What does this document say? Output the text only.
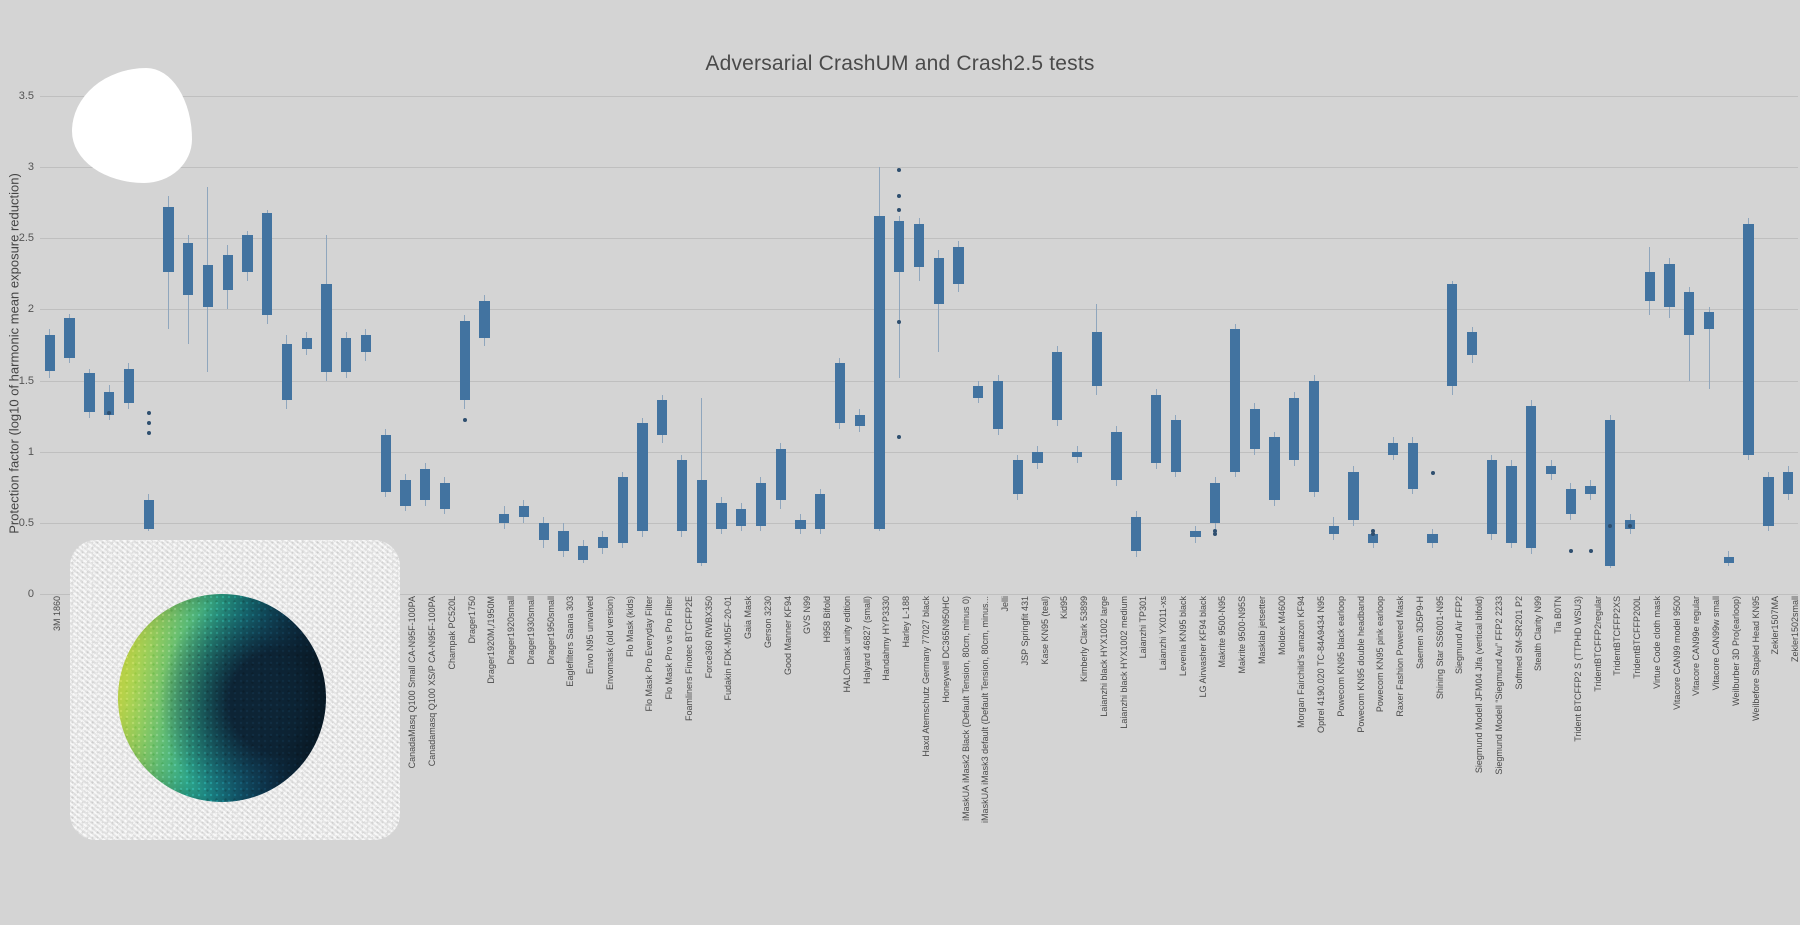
Adversarial CrashUM and Crash2.5 tests
Protection factor (log10 of harmonic mean exposure reduction)
0
0.5
1
1.5
2
2.5
3
3.5
3M 1860	CanadaMasq Q100 Small CA-N95F-100PA Canadamasq Q100 XS/P CA-N95F-100PA Champak PC520L Drager1750 Drager1920M,/1950M Drager1920small Drager1930small Drager1950small Eaglefilters Saana 303 Envo N95 unvalved Envomask (old version) Flo Mask (kids) Flo Mask Pro Everyday Filter Flo Mask Pro vs Pro Filter Foamliners Finotec BTCFFP2E Force360 RWBX350 Fudakin FDK-M05F-20-01 Gaia Mask Gerson 3230 Good Manner KF94 GVS N99 H958 Bifold HALOmask unity edition Halyard 46827 (small) Handahmy HYP3330 Harley L-188 Haxd Atemschutz Germany 77027 black Honeywell DC365N950HC iMaskUA iMask2 Black (Default Tension, 80cm, minus 0) iMaskUA iMask3 default (Default Tension, 80cm, minus... Jelli JSP Springfit 431 Kase KN95 (teal) Kid95 Kimberly Clark 53899 Laianzhi black HYX1002 large Laianzhi black HYX1002 medium Laianzhi TP301 Laianzhi YX011-xs Levenia KN95 black LG Airwasher KF94 black Makrite 9500-N95 Makrite 9500-N95S Masklab jetsetter Moldex M4600 Morgan Fairchild’s amazon KF94 Optrel 4190.020 TC-84A9434 N95 Powecom KN95 black earloop Powecom KN95 double headband Powecom KN95 pink earloop Raxer Fashion Powered Mask Saemen 3D5P9-H Shining Star SS6001-N95 Siegmund Air FFP2 Siegmund Modell JFM04 Jifa (vertical bifold) Siegmund Modell “Siegmund Au” FFP2 2233 Softmed SM-SR201 P2 Stealth Clarity N99 Tia B0TN Trident BTCFFP2 S (TTPHD WSU3) TridentBTCFFP2regular TridentBTCFFP2XS TridentBTCFFP200L Virtue Code cloth mask Vitacore CAN99 model 9500 Vitacore CAN99e regular Vitacore CAN99w small Weilburber 3D Pro(earloop) Weilbefore Stapled Head KN95 Zekler1507MA Zekler1502small
